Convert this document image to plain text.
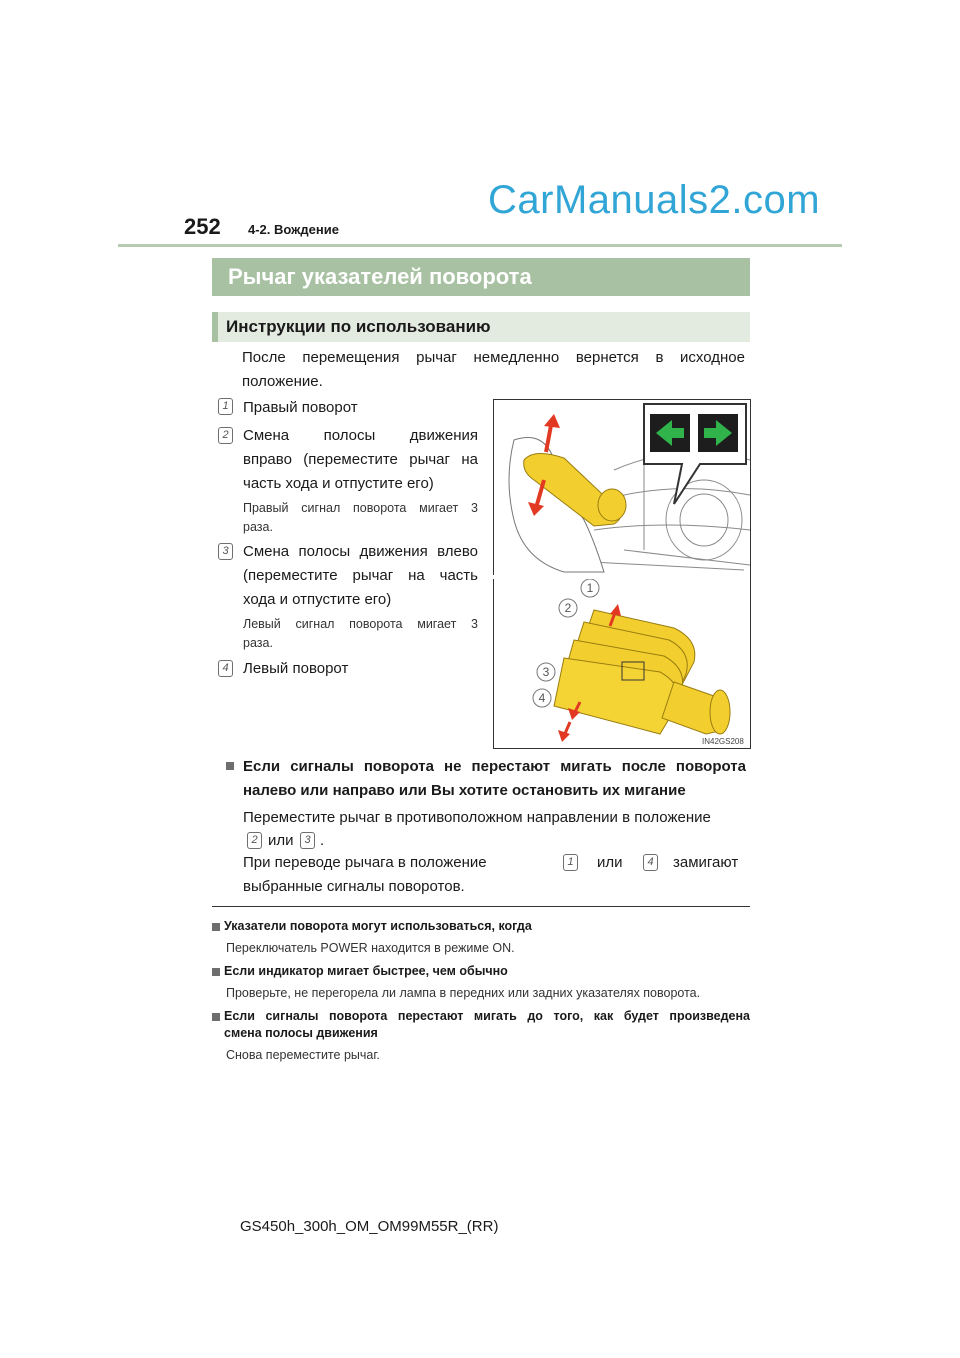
252 4-2. Вождение
CarManuals2.com
Рычаг указателей поворота
Инструкции по использованию
После перемещения рычаг немедленно вернется в исходное
положение.
1 Правый поворот
2 Смена полосы движения
вправо (переместите рычаг на
часть хода и отпустите его)
Правый сигнал поворота мигает 3
раза.
3 Смена полосы движения влево
(переместите рычаг на часть
хода и отпустите его)
Левый сигнал поворота мигает 3
раза.
4 Левый поворот
1
2
3
4
IN42GS208
Если сигналы поворота не перестают мигать после поворота
налево или направо или Вы хотите остановить их мигание
Переместите рычаг в противоположном направлении в положение
2 или 3 .
При переводе рычага в положение	1 или	4 замигают
выбранные сигналы поворотов.
Указатели поворота могут использоваться, когда
Переключатель POWER находится в режиме ON.
Если индикатор мигает быстрее, чем обычно
Проверьте, не перегорела ли лампа в передних или задних указателях поворота.
Если сигналы поворота перестают мигать до того, как будет произведена
смена полосы движения
Снова переместите рычаг.
GS450h_300h_OM_OM99M55R_(RR)
